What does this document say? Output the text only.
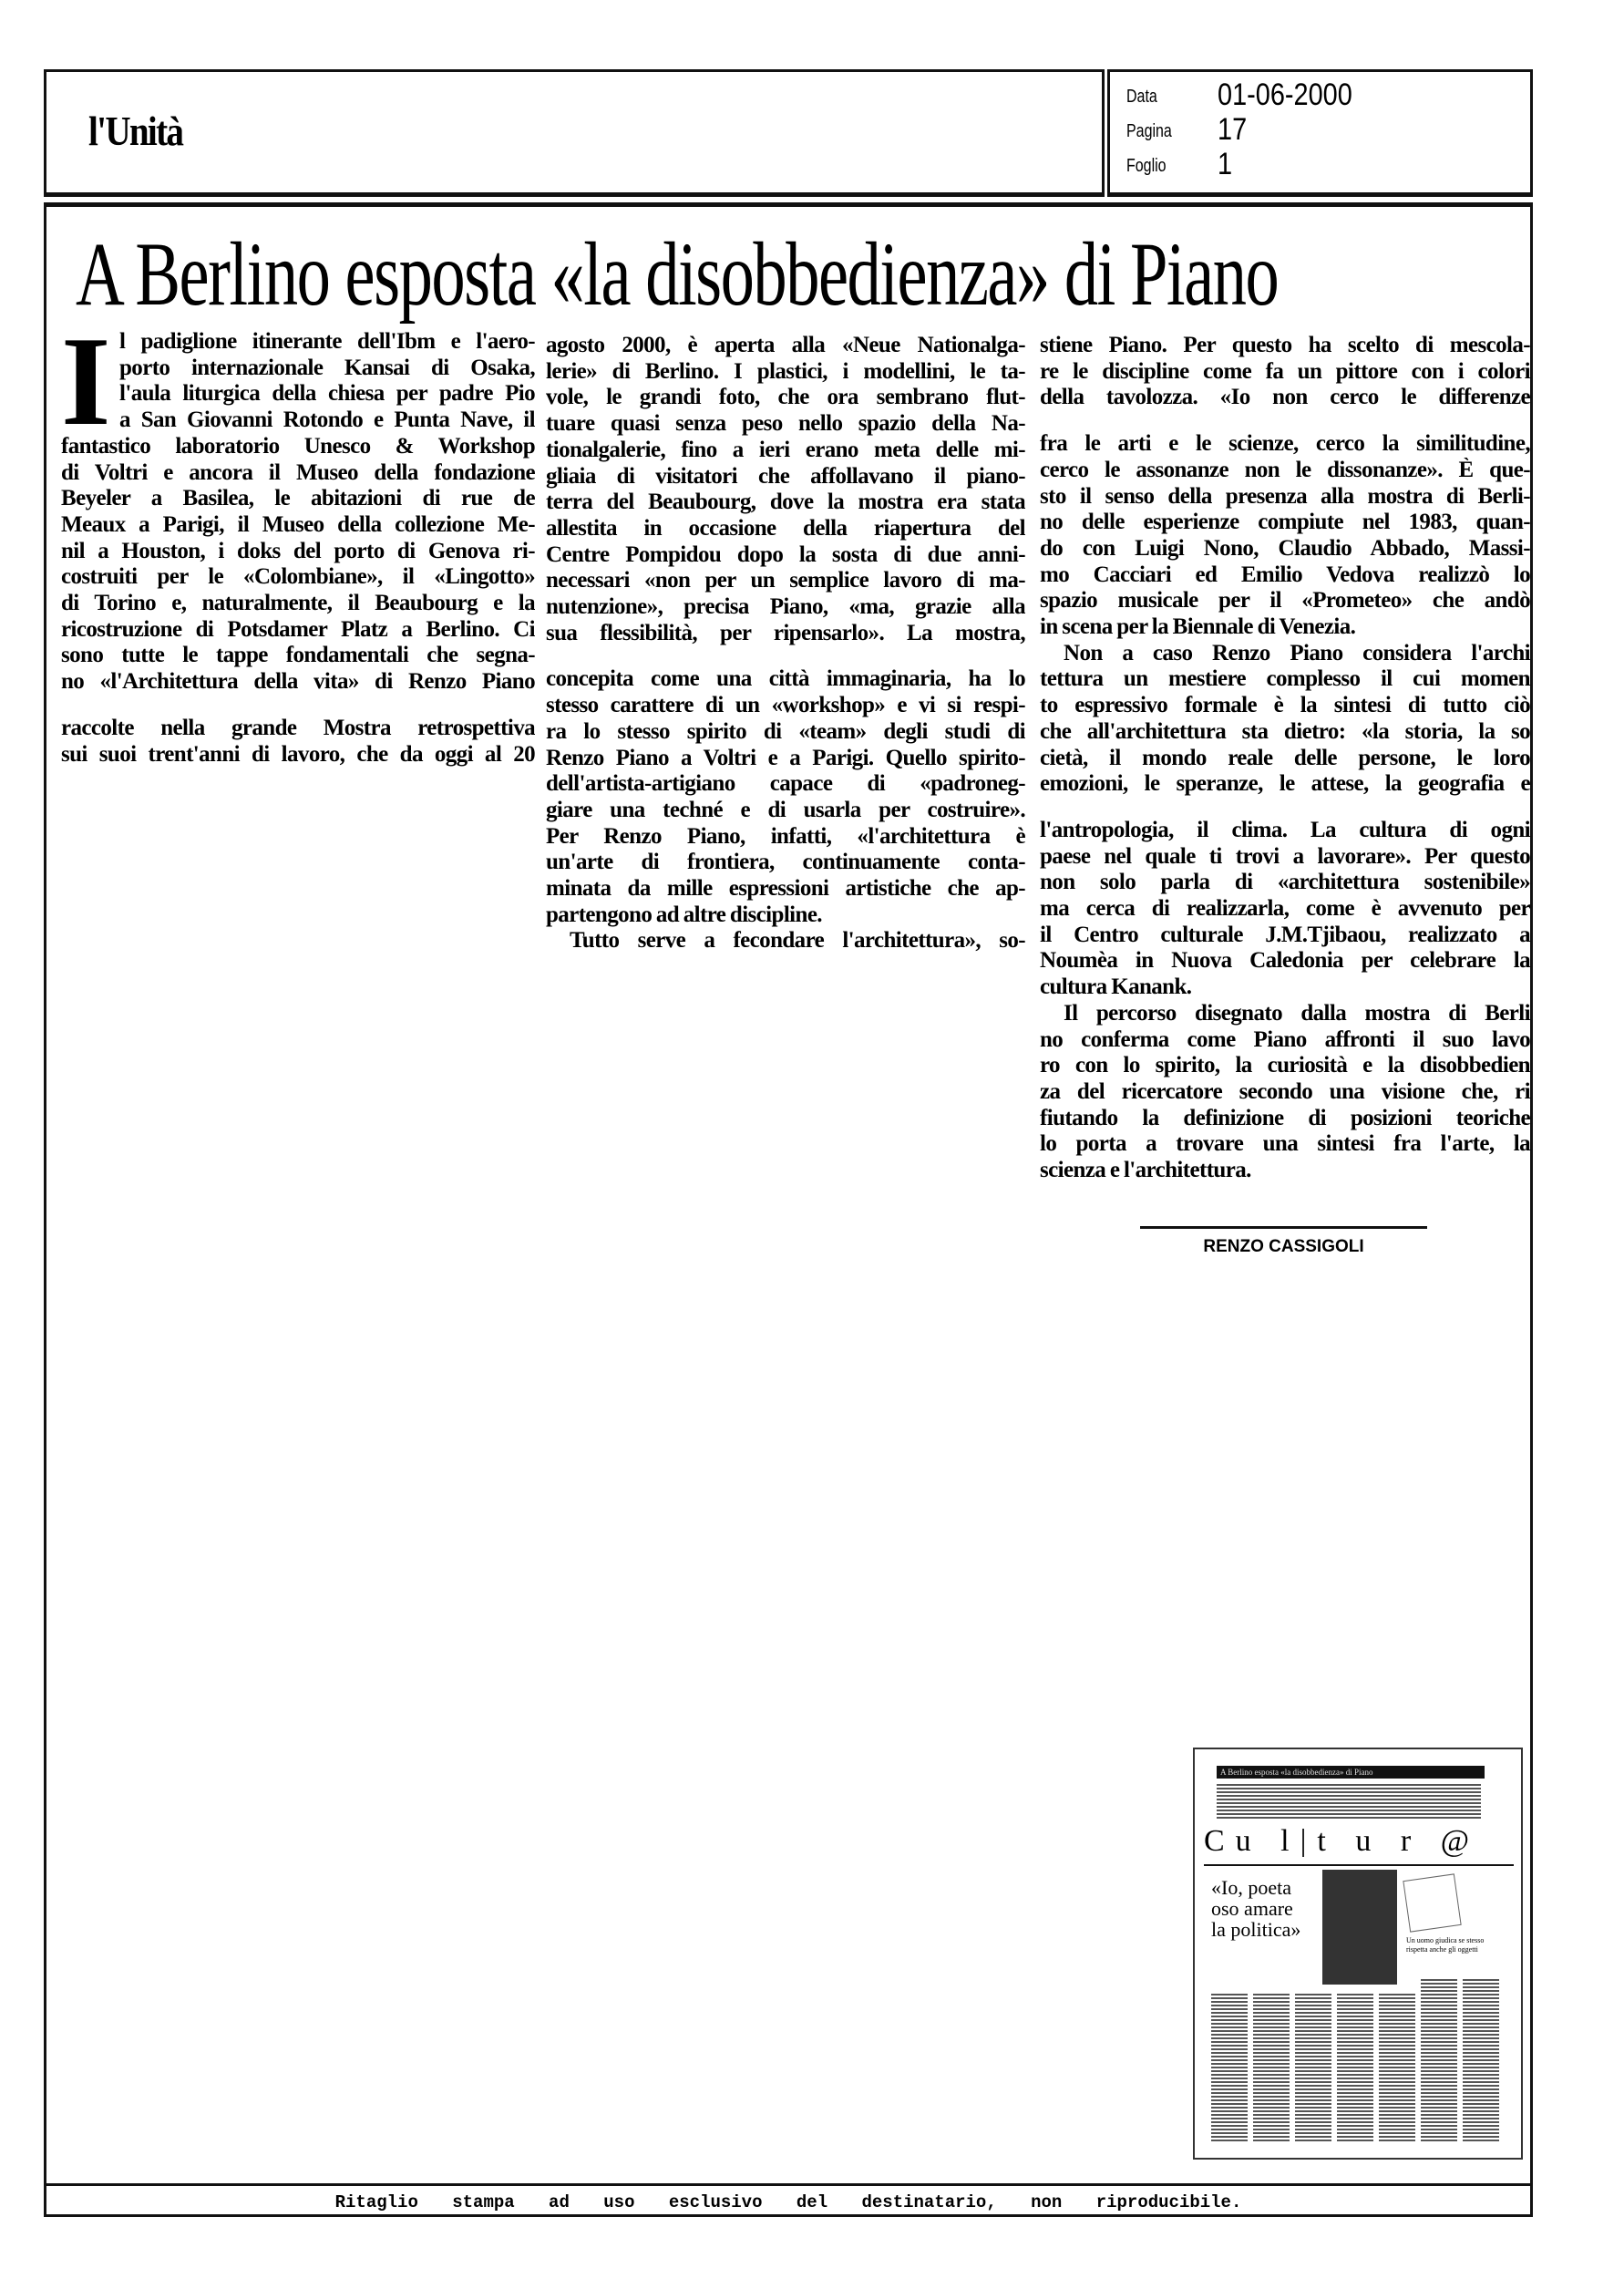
l'Unità
Data 01-06-2000
Pagina 17
Foglio 1
A Berlino esposta «la disobbedienza» di Piano
I l padiglione itinerante dell'Ibm e l'aero-
porto internazionale Kansai di Osaka,
l'aula liturgica della chiesa per padre Pio
a San Giovanni Rotondo e Punta Nave, il
fantastico laboratorio Unesco & Workshop
di Voltri e ancora il Museo della fondazione
Beyeler a Basilea, le abitazioni di rue de
Meaux a Parigi, il Museo della collezione Me-
nil a Houston, i doks del porto di Genova ri-
costruiti per le «Colombiane», il «Lingotto»
di Torino e, naturalmente, il Beaubourg e la
ricostruzione di Potsdamer Platz a Berlino. Ci
sono tutte le tappe fondamentali che segna-
no «l'Architettura della vita» di Renzo Piano
raccolte nella grande Mostra retrospettiva
sui suoi trent'anni di lavoro, che da oggi al 20
agosto 2000, è aperta alla «Neue Nationalga-
lerie» di Berlino. I plastici, i modellini, le ta-
vole, le grandi foto, che ora sembrano flut-
tuare quasi senza peso nello spazio della Na-
tionalgalerie, fino a ieri erano meta delle mi-
gliaia di visitatori che affollavano il piano-
terra del Beaubourg, dove la mostra era stata
allestita in occasione della riapertura del
Centre Pompidou dopo la sosta di due anni-
necessari «non per un semplice lavoro di ma-
nutenzione», precisa Piano, «ma, grazie alla
sua flessibilità, per ripensarlo». La mostra,
concepita come una città immaginaria, ha lo
stesso carattere di un «workshop» e vi si respi-
ra lo stesso spirito di «team» degli studi di
Renzo Piano a Voltri e a Parigi. Quello spirito-
dell'artista-artigiano capace di «padroneg-
giare una techné e di usarla per costruire».
Per Renzo Piano, infatti, «l'architettura è
un'arte di frontiera, continuamente conta-
minata da mille espressioni artistiche che ap-
partengono ad altre discipline.
Tutto serve a fecondare l'architettura», so-
stiene Piano. Per questo ha scelto di mescola-
re le discipline come fa un pittore con i colori
della tavolozza. «Io non cerco le differenze
fra le arti e le scienze, cerco la similitudine,
cerco le assonanze non le dissonanze». È que-
sto il senso della presenza alla mostra di Berli-
no delle esperienze compiute nel 1983, quan-
do con Luigi Nono, Claudio Abbado, Massi-
mo Cacciari ed Emilio Vedova realizzò lo
spazio musicale per il «Prometeo» che andò
in scena per la Biennale di Venezia.
Non a caso Renzo Piano considera l'archi
tettura un mestiere complesso il cui momen
to espressivo formale è la sintesi di tutto ciò
che all'architettura sta dietro: «la storia, la so
cietà, il mondo reale delle persone, le loro
emozioni, le speranze, le attese, la geografia e
l'antropologia, il clima. La cultura di ogni
paese nel quale ti trovi a lavorare». Per questo
non solo parla di «architettura sostenibile»
ma cerca di realizzarla, come è avvenuto per
il Centro culturale J.M.Tjibaou, realizzato a
Noumèa in Nuova Caledonia per celebrare la
cultura Kanank.
Il percorso disegnato dalla mostra di Berli
no conferma come Piano affronti il suo lavo
ro con lo spirito, la curiosità e la disobbedien
za del ricercatore secondo una visione che, ri
fiutando la definizione di posizioni teoriche
lo porta a trovare una sintesi fra l'arte, la
scienza e l'architettura.
RENZO CASSIGOLI
A Berlino esposta «la disobbedienza» di Piano
Cu l|t u r @
«Io, poeta oso amare la politica»	Un uomo giudica se stesso rispetta anche gli oggetti
Ritaglio stampa ad uso esclusivo del destinatario, non riproducibile.
